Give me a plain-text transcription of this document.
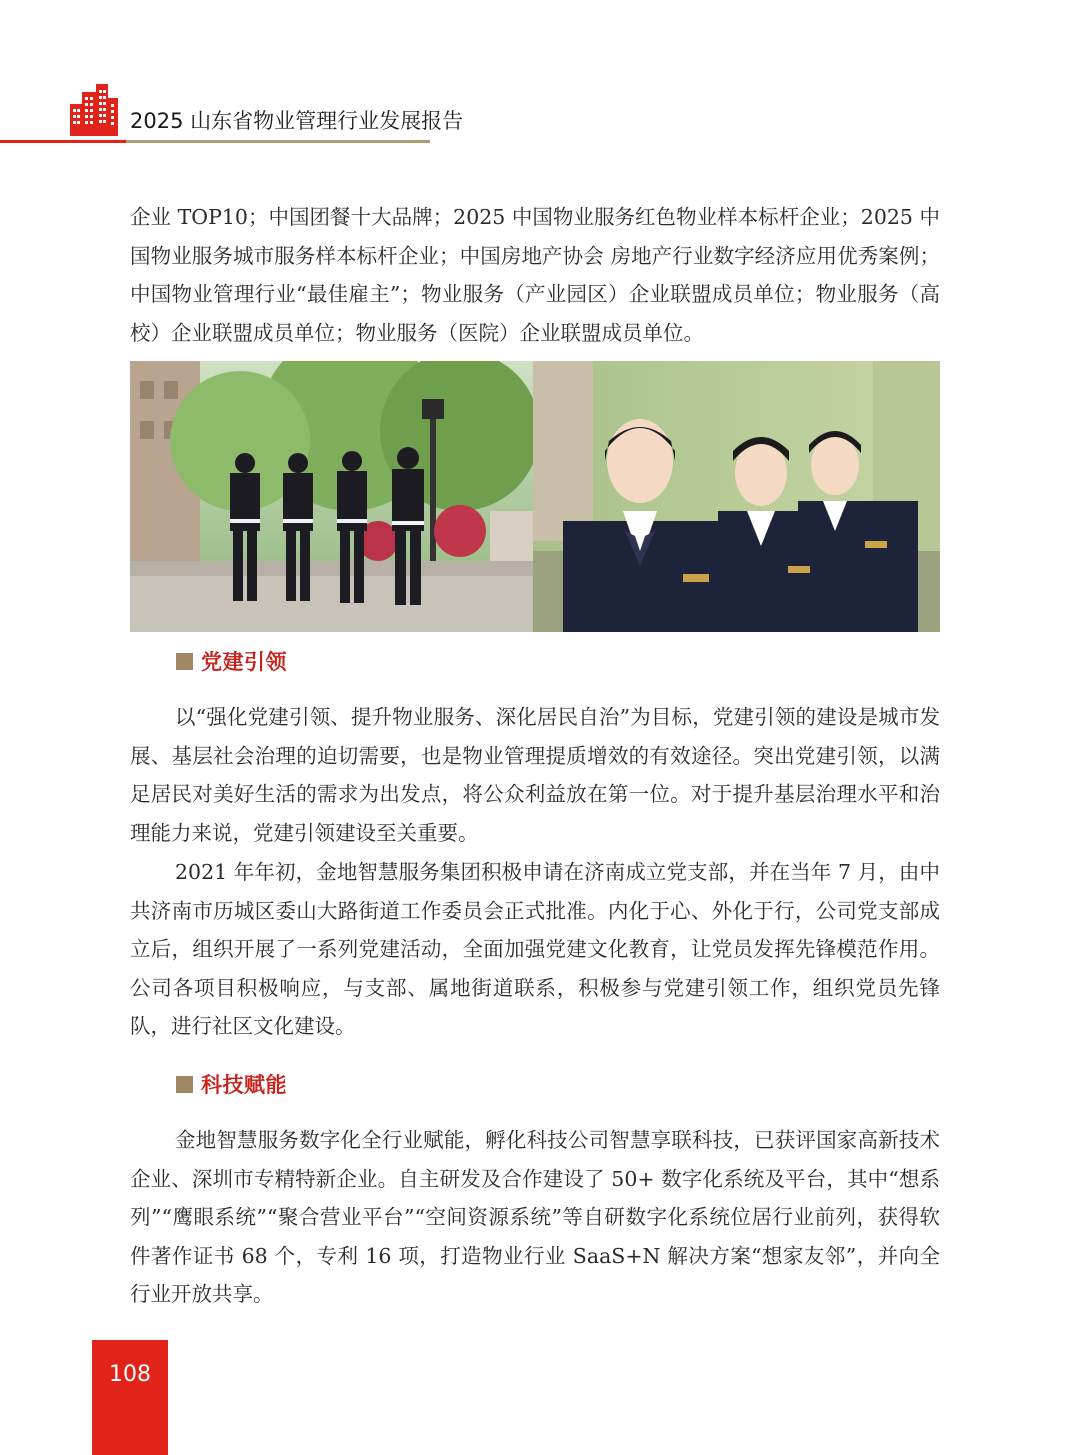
2025 山东省物业管理行业发展报告

企业 TOP10；中国团餐十大品牌；2025 中国物业服务红色物业样本标杆企业；2025 中国物业服务城市服务样本标杆企业；中国房地产协会 房地产行业数字经济应用优秀案例；中国物业管理行业“最佳雇主”；物业服务（产业园区）企业联盟成员单位；物业服务（高校）企业联盟成员单位；物业服务（医院）企业联盟成员单位。

党建引领

以“强化党建引领、提升物业服务、深化居民自治”为目标，党建引领的建设是城市发展、基层社会治理的迫切需要，也是物业管理提质增效的有效途径。突出党建引领，以满足居民对美好生活的需求为出发点，将公众利益放在第一位。对于提升基层治理水平和治理能力来说，党建引领建设至关重要。

2021 年年初，金地智慧服务集团积极申请在济南成立党支部，并在当年 7 月，由中共济南市历城区委山大路街道工作委员会正式批准。内化于心、外化于行，公司党支部成立后，组织开展了一系列党建活动，全面加强党建文化教育，让党员发挥先锋模范作用。公司各项目积极响应，与支部、属地街道联系，积极参与党建引领工作，组织党员先锋队，进行社区文化建设。

科技赋能

金地智慧服务数字化全行业赋能，孵化科技公司智慧享联科技，已获评国家高新技术企业、深圳市专精特新企业。自主研发及合作建设了 50+ 数字化系统及平台，其中“想系列”“鹰眼系统”“聚合营业平台”“空间资源系统”等自研数字化系统位居行业前列，获得软件著作证书 68 个，专利 16 项，打造物业行业 SaaS+N 解决方案“想家友邻”，并向全行业开放共享。

108
